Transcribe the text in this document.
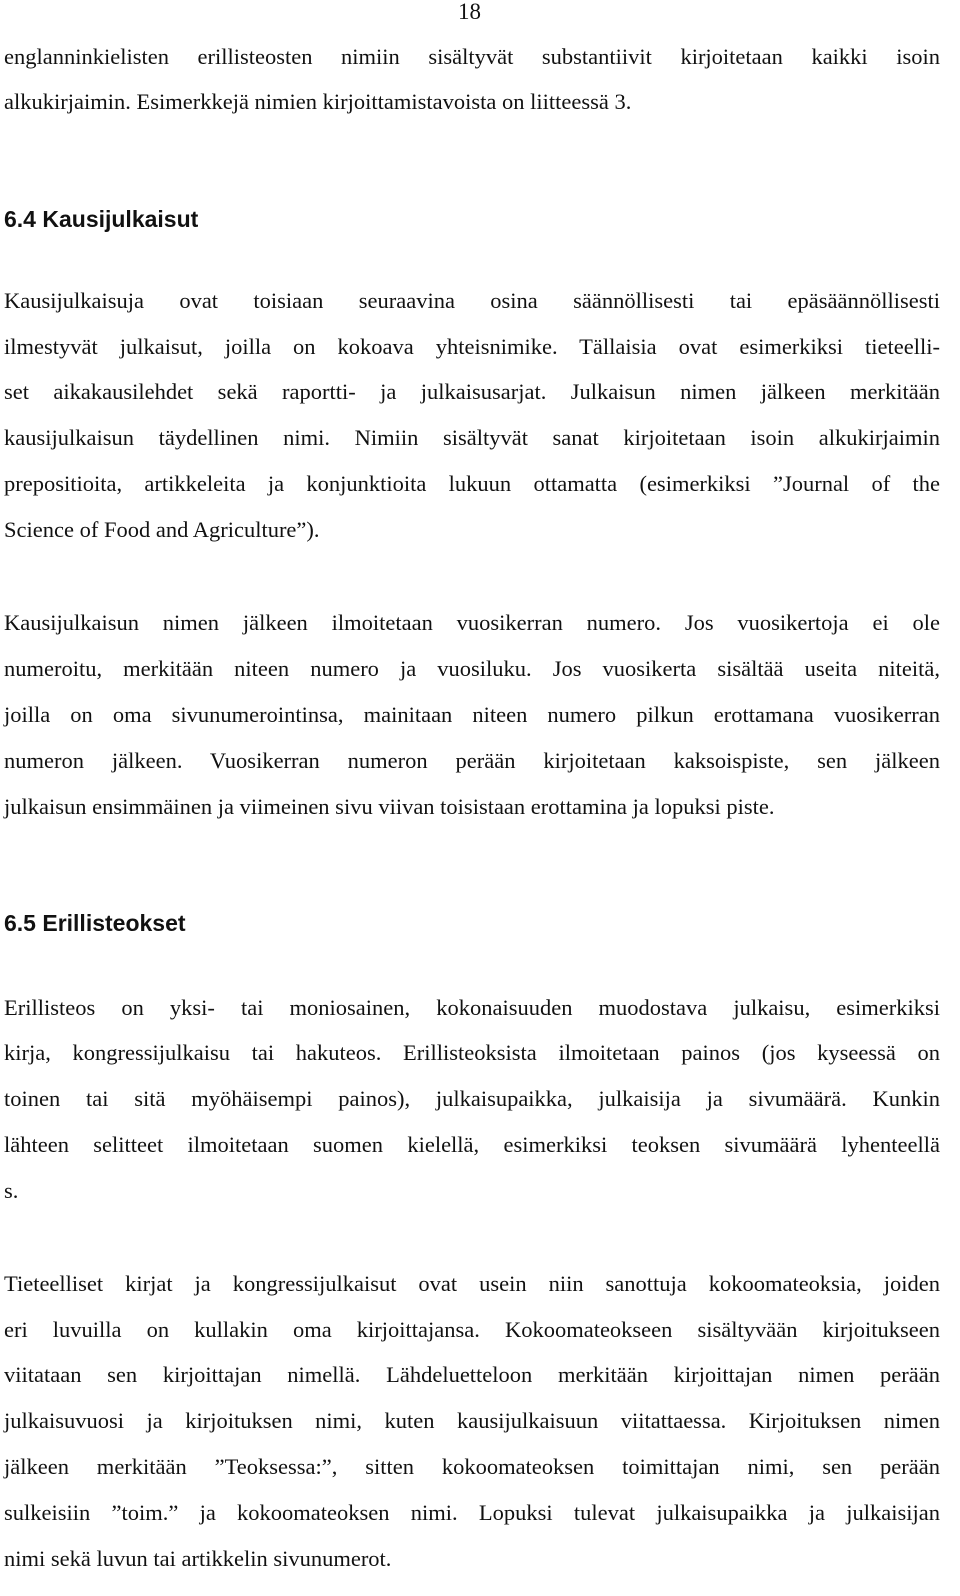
18
englanninkielisten erillisteosten nimiin sisältyvät substantiivit kirjoitetaan kaikki isoin
alkukirjaimin. Esimerkkejä nimien kirjoittamistavoista on liitteessä 3.
6.4 Kausijulkaisut
Kausijulkaisuja ovat toisiaan seuraavina osina säännöllisesti tai epäsäännöllisesti
ilmestyvät julkaisut, joilla on kokoava yhteisnimike. Tällaisia ovat esimerkiksi tieteelli-
set aikakausilehdet sekä raportti- ja julkaisusarjat. Julkaisun nimen jälkeen merkitään
kausijulkaisun täydellinen nimi. Nimiin sisältyvät sanat kirjoitetaan isoin alkukirjaimin
prepositioita, artikkeleita ja konjunktioita lukuun ottamatta (esimerkiksi ”Journal of the
Science of Food and Agriculture”).
Kausijulkaisun nimen jälkeen ilmoitetaan vuosikerran numero. Jos vuosikertoja ei ole
numeroitu, merkitään niteen numero ja vuosiluku. Jos vuosikerta sisältää useita niteitä,
joilla on oma sivunumerointinsa, mainitaan niteen numero pilkun erottamana vuosikerran
numeron jälkeen. Vuosikerran numeron perään kirjoitetaan kaksoispiste, sen jälkeen
julkaisun ensimmäinen ja viimeinen sivu viivan toisistaan erottamina ja lopuksi piste.
6.5 Erillisteokset
Erillisteos on yksi- tai moniosainen, kokonaisuuden muodostava julkaisu, esimerkiksi
kirja, kongressijulkaisu tai hakuteos. Erillisteoksista ilmoitetaan painos (jos kyseessä on
toinen tai sitä myöhäisempi painos), julkaisupaikka, julkaisija ja sivumäärä. Kunkin
lähteen selitteet ilmoitetaan suomen kielellä, esimerkiksi teoksen sivumäärä lyhenteellä
s.
Tieteelliset kirjat ja kongressijulkaisut ovat usein niin sanottuja kokoomateoksia, joiden
eri luvuilla on kullakin oma kirjoittajansa. Kokoomateokseen sisältyvään kirjoitukseen
viitataan sen kirjoittajan nimellä. Lähdeluetteloon merkitään kirjoittajan nimen perään
julkaisuvuosi ja kirjoituksen nimi, kuten kausijulkaisuun viitattaessa. Kirjoituksen nimen
jälkeen merkitään ”Teoksessa:”, sitten kokoomateoksen toimittajan nimi, sen perään
sulkeisiin ”toim.” ja kokoomateoksen nimi. Lopuksi tulevat julkaisupaikka ja julkaisijan
nimi sekä luvun tai artikkelin sivunumerot.
